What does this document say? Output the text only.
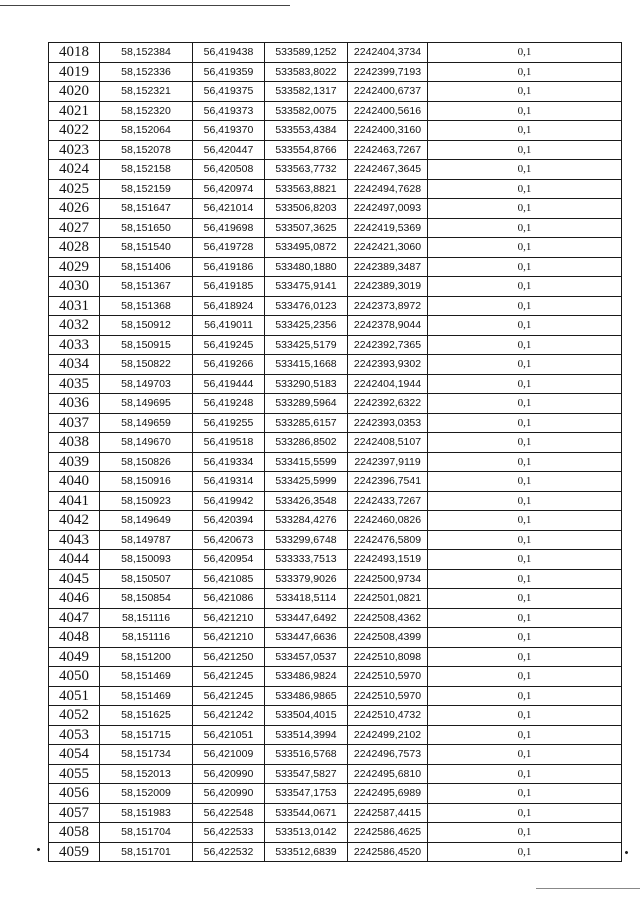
4018	58,152384	56,419438	533589,1252	2242404,3734	0,1
4019	58,152336	56,419359	533583,8022	2242399,7193	0,1
4020	58,152321	56,419375	533582,1317	2242400,6737	0,1
4021	58,152320	56,419373	533582,0075	2242400,5616	0,1
4022	58,152064	56,419370	533553,4384	2242400,3160	0,1
4023	58,152078	56,420447	533554,8766	2242463,7267	0,1
4024	58,152158	56,420508	533563,7732	2242467,3645	0,1
4025	58,152159	56,420974	533563,8821	2242494,7628	0,1
4026	58,151647	56,421014	533506,8203	2242497,0093	0,1
4027	58,151650	56,419698	533507,3625	2242419,5369	0,1
4028	58,151540	56,419728	533495,0872	2242421,3060	0,1
4029	58,151406	56,419186	533480,1880	2242389,3487	0,1
4030	58,151367	56,419185	533475,9141	2242389,3019	0,1
4031	58,151368	56,418924	533476,0123	2242373,8972	0,1
4032	58,150912	56,419011	533425,2356	2242378,9044	0,1
4033	58,150915	56,419245	533425,5179	2242392,7365	0,1
4034	58,150822	56,419266	533415,1668	2242393,9302	0,1
4035	58,149703	56,419444	533290,5183	2242404,1944	0,1
4036	58,149695	56,419248	533289,5964	2242392,6322	0,1
4037	58,149659	56,419255	533285,6157	2242393,0353	0,1
4038	58,149670	56,419518	533286,8502	2242408,5107	0,1
4039	58,150826	56,419334	533415,5599	2242397,9119	0,1
4040	58,150916	56,419314	533425,5999	2242396,7541	0,1
4041	58,150923	56,419942	533426,3548	2242433,7267	0,1
4042	58,149649	56,420394	533284,4276	2242460,0826	0,1
4043	58,149787	56,420673	533299,6748	2242476,5809	0,1
4044	58,150093	56,420954	533333,7513	2242493,1519	0,1
4045	58,150507	56,421085	533379,9026	2242500,9734	0,1
4046	58,150854	56,421086	533418,5114	2242501,0821	0,1
4047	58,151116	56,421210	533447,6492	2242508,4362	0,1
4048	58,151116	56,421210	533447,6636	2242508,4399	0,1
4049	58,151200	56,421250	533457,0537	2242510,8098	0,1
4050	58,151469	56,421245	533486,9824	2242510,5970	0,1
4051	58,151469	56,421245	533486,9865	2242510,5970	0,1
4052	58,151625	56,421242	533504,4015	2242510,4732	0,1
4053	58,151715	56,421051	533514,3994	2242499,2102	0,1
4054	58,151734	56,421009	533516,5768	2242496,7573	0,1
4055	58,152013	56,420990	533547,5827	2242495,6810	0,1
4056	58,152009	56,420990	533547,1753	2242495,6989	0,1
4057	58,151983	56,422548	533544,0671	2242587,4415	0,1
4058	58,151704	56,422533	533513,0142	2242586,4625	0,1
4059	58,151701	56,422532	533512,6839	2242586,4520	0,1
